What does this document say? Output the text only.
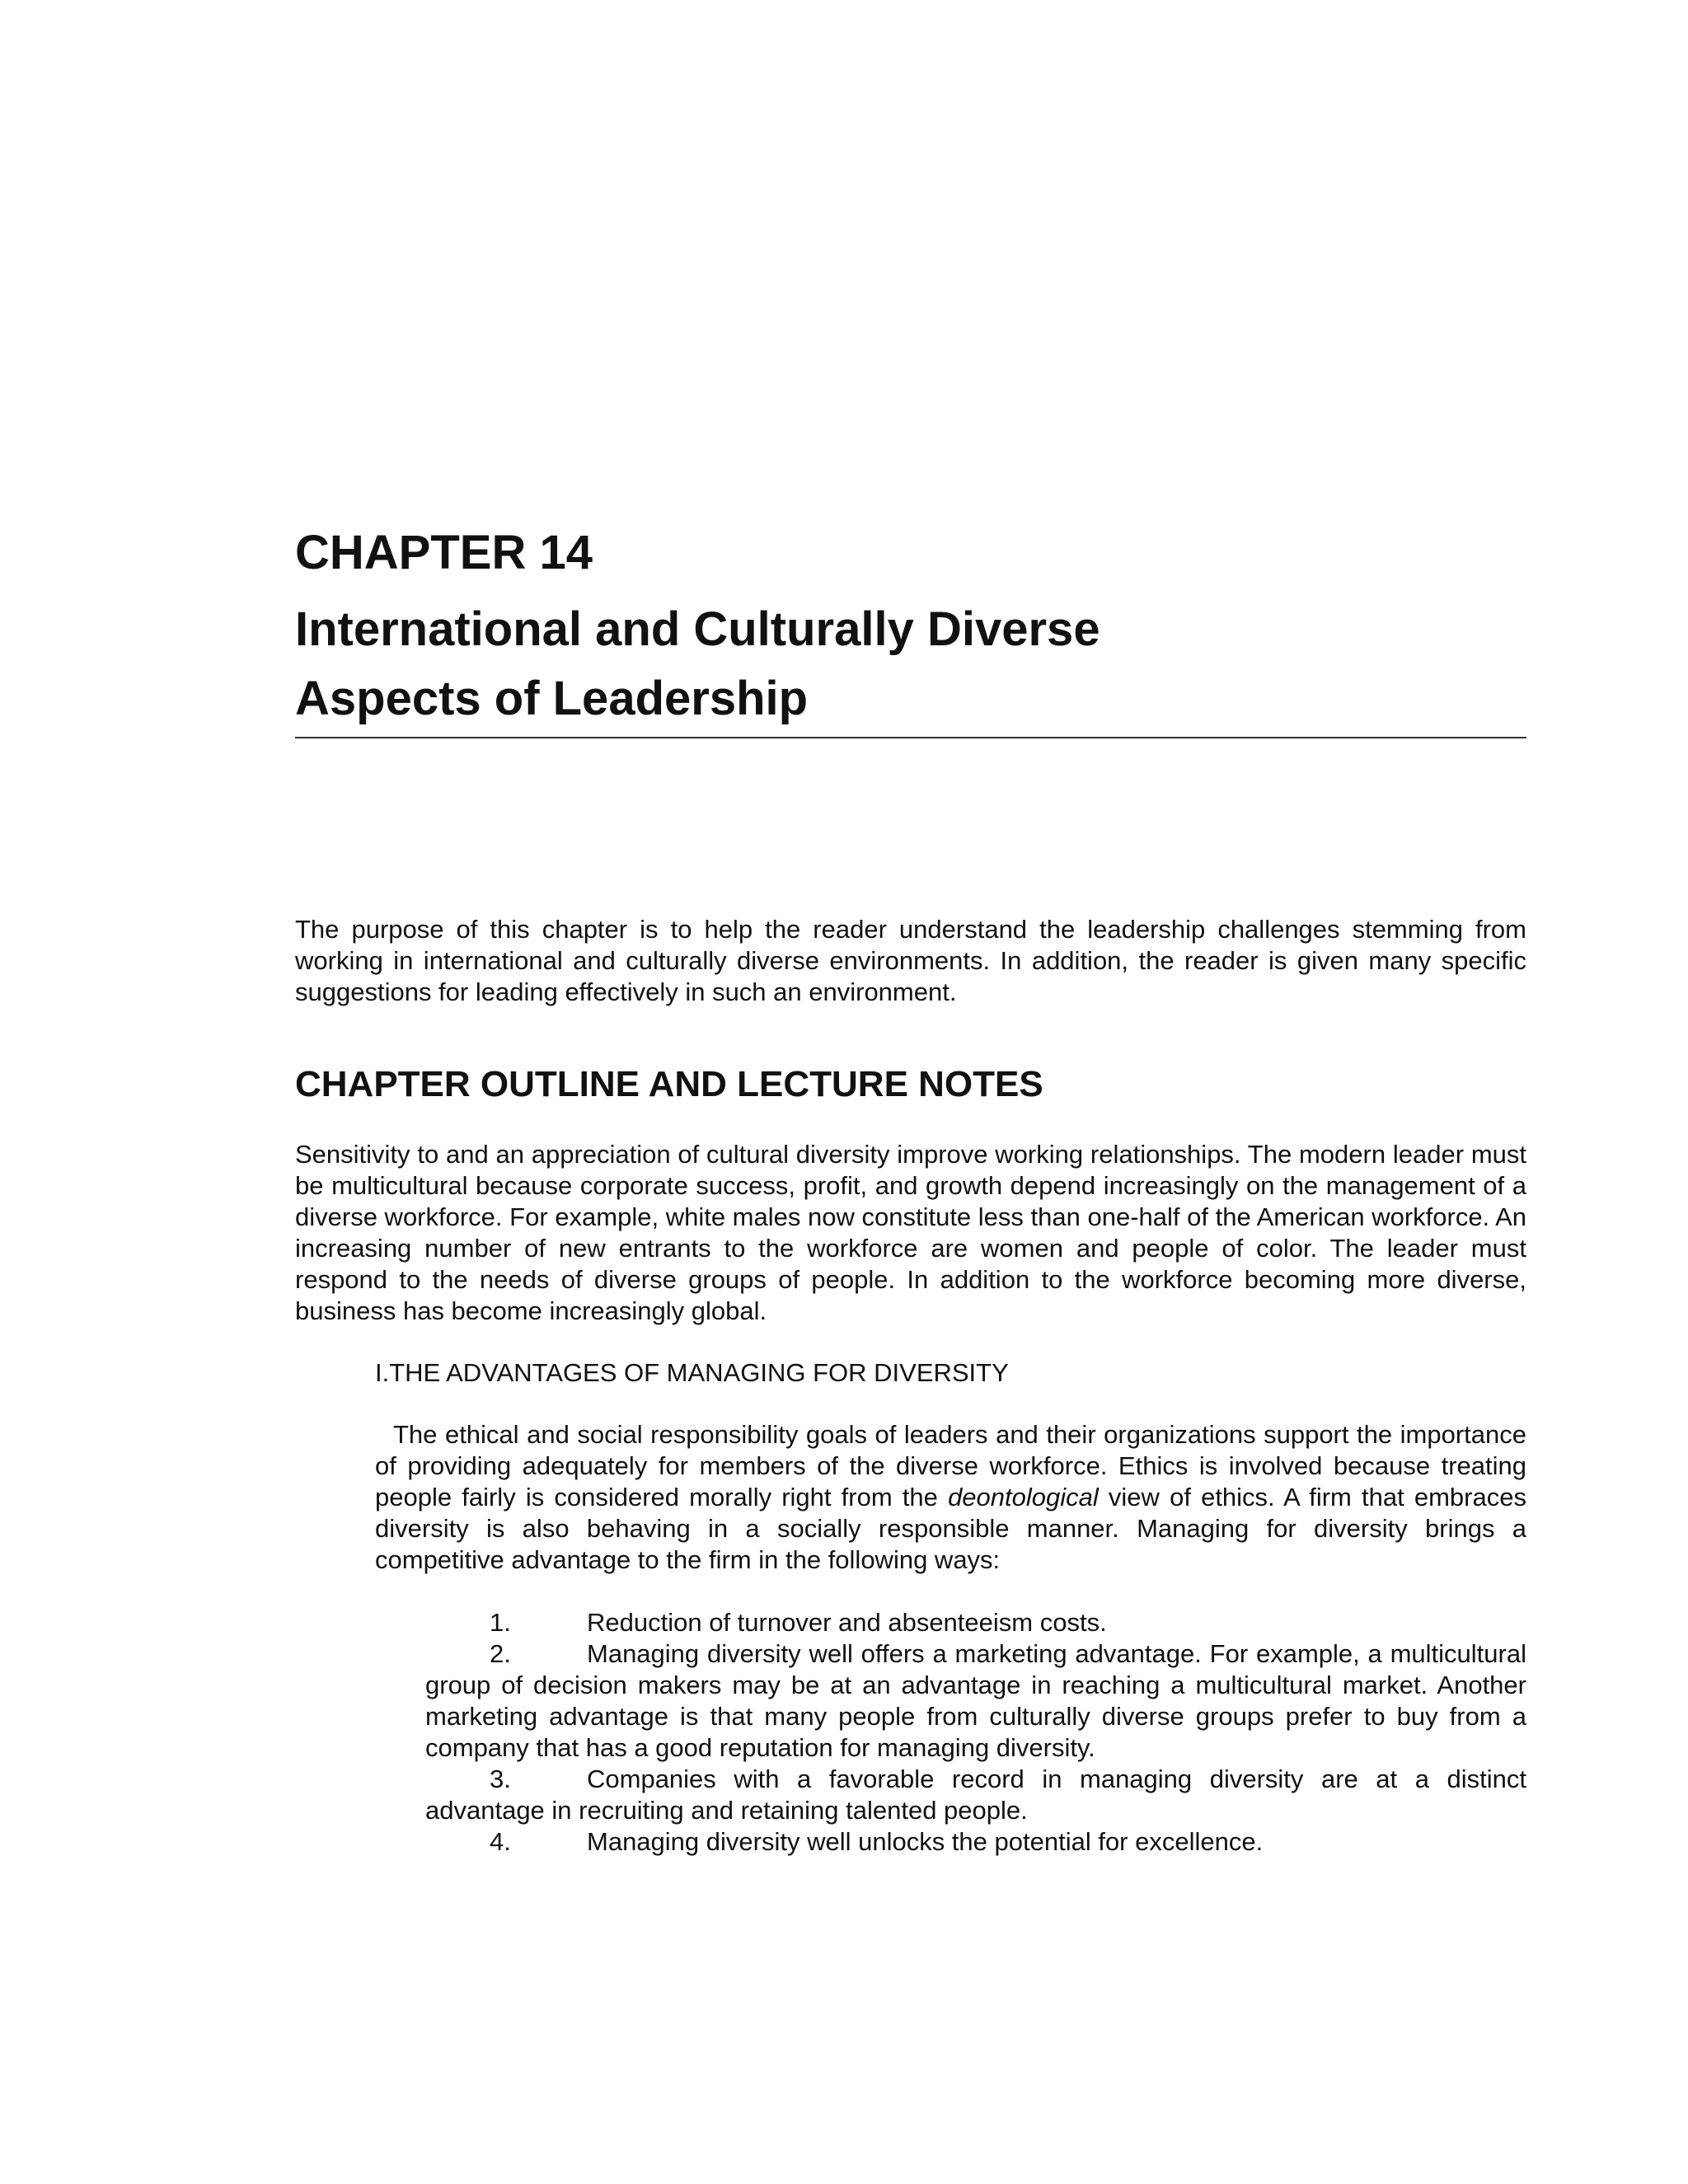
CHAPTER 14
International and Culturally Diverse
Aspects of Leadership

The purpose of this chapter is to help the reader understand the leadership challenges stemming from working in international and culturally diverse environments. In addition, the reader is given many specific suggestions for leading effectively in such an environment.

CHAPTER OUTLINE AND LECTURE NOTES

Sensitivity to and an appreciation of cultural diversity improve working relationships. The modern leader must be multicultural because corporate success, profit, and growth depend increasingly on the management of a diverse workforce. For example, white males now constitute less than one-half of the American workforce. An increasing number of new entrants to the workforce are women and people of color. The leader must respond to the needs of diverse groups of people. In addition to the workforce becoming more diverse, business has become increasingly global.

I.THE ADVANTAGES OF MANAGING FOR DIVERSITY

The ethical and social responsibility goals of leaders and their organizations support the importance of providing adequately for members of the diverse workforce. Ethics is involved because treating people fairly is considered morally right from the deontological view of ethics. A firm that embraces diversity is also behaving in a socially responsible manner. Managing for diversity brings a competitive advantage to the firm in the following ways:

1.	Reduction of turnover and absenteeism costs.
2.	Managing diversity well offers a marketing advantage. For example, a multicultural group of decision makers may be at an advantage in reaching a multicultural market. Another marketing advantage is that many people from culturally diverse groups prefer to buy from a company that has a good reputation for managing diversity.
3.	Companies with a favorable record in managing diversity are at a distinct advantage in recruiting and retaining talented people.
4.	Managing diversity well unlocks the potential for excellence.
